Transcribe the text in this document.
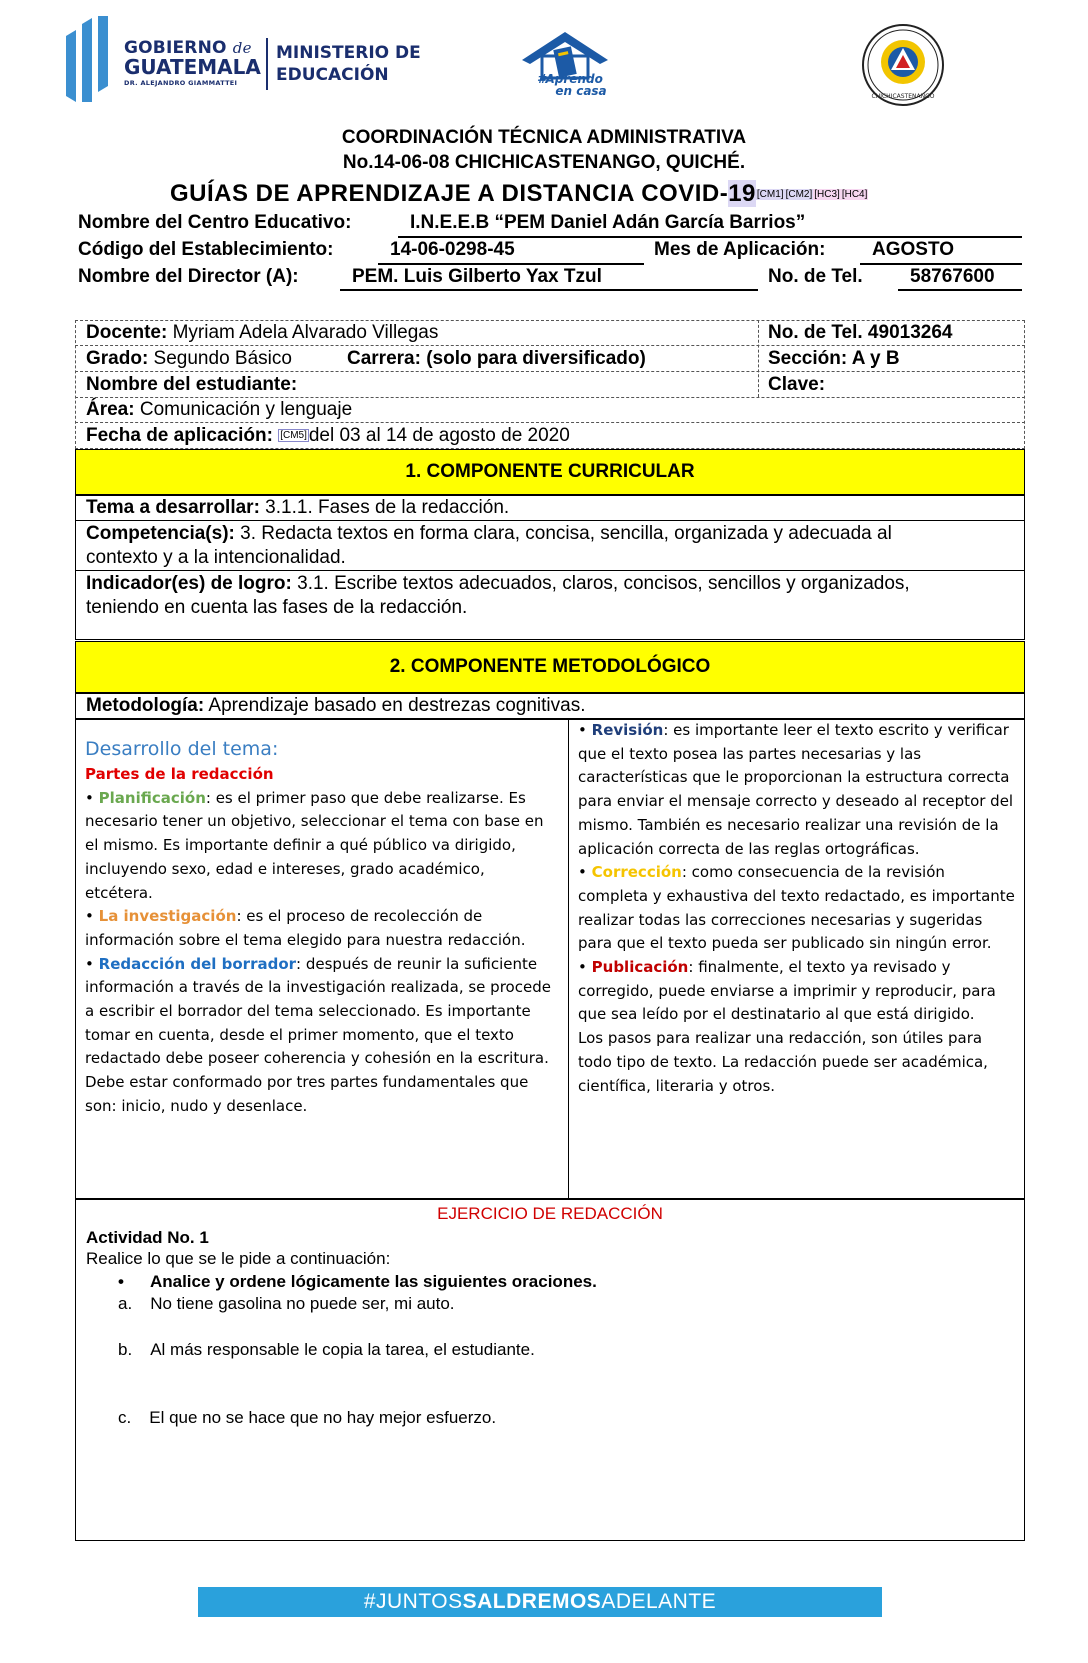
GOBIERNO de
GUATEMALA
DR. ALEJANDRO GIAMMATTEI
MINISTERIO DE
EDUCACIÓN	#Aprendo
en casa	CHICHICASTENANGO
COORDINACIÓN TÉCNICA ADMINISTRATIVA
No.14-06-08 CHICHICASTENANGO, QUICHÉ.
GUÍAS DE APRENDIZAJE A DISTANCIA COVID-19[CM1] [CM2] [HC3] [HC4]
Nombre del Centro Educativo:	I.N.E.E.B “PEM Daniel Adán García Barrios”
Código del Establecimiento:	14-06-0298-45	Mes de Aplicación: AGOSTO
Nombre del Director (A):	PEM. Luis Gilberto Yax Tzul	No. de Tel. 58767600
Docente: Myriam Adela Alvarado Villegas	No. de Tel. 49013264
Grado: Segundo Básico	Carrera: (solo para diversificado)	Sección: A y B
Nombre del estudiante:	Clave:
Área: Comunicación y lenguaje
Fecha de aplicación: [CM5] del 03 al 14 de agosto de 2020
1. COMPONENTE CURRICULAR
Tema a desarrollar: 3.1.1. Fases de la redacción.
Competencia(s): 3. Redacta textos en forma clara, concisa, sencilla, organizada y adecuada al
contexto y a la intencionalidad.
Indicador(es) de logro: 3.1. Escribe textos adecuados, claros, concisos, sencillos y organizados,
teniendo en cuenta las fases de la redacción.
2. COMPONENTE METODOLÓGICO
Metodología: Aprendizaje basado en destrezas cognitivas.
Desarrollo del tema:

Partes de la redacción

• Planificación: es el primer paso que debe realizarse. Es necesario tener un objetivo, seleccionar el tema con base en el mismo. Es importante definir a qué público va dirigido, incluyendo sexo, edad e intereses, grado académico, etcétera.

• La investigación: es el proceso de recolección de información sobre el tema elegido para nuestra redacción.

• Redacción del borrador: después de reunir la suficiente información a través de la investigación realizada, se procede a escribir el borrador del tema seleccionado. Es importante tomar en cuenta, desde el primer momento, que el texto redactado debe poseer coherencia y cohesión en la escritura. Debe estar conformado por tres partes fundamentales que son: inicio, nudo y desenlace.

• Revisión: es importante leer el texto escrito y verificar que el texto posea las partes necesarias y las características que le proporcionan la estructura correcta para enviar el mensaje correcto y deseado al receptor del mismo. También es necesario realizar una revisión de la aplicación correcta de las reglas ortográficas.

• Corrección: como consecuencia de la revisión completa y exhaustiva del texto redactado, es importante realizar todas las correcciones necesarias y sugeridas para que el texto pueda ser publicado sin ningún error.

• Publicación: finalmente, el texto ya revisado y corregido, puede enviarse a imprimir y reproducir, para que sea leído por el destinatario al que está dirigido.

Los pasos para realizar una redacción, son útiles para todo tipo de texto. La redacción puede ser académica, científica, literaria y otros.

EJERCICIO DE REDACCIÓN
Actividad No. 1
Realice lo que se le pide a continuación:
• Analice y ordene lógicamente las siguientes oraciones.
a. No tiene gasolina no puede ser, mi auto.
b. Al más responsable le copia la tarea, el estudiante.
c. El que no se hace que no hay mejor esfuerzo.
#JUNTOSSALDREMOSADELANTE
